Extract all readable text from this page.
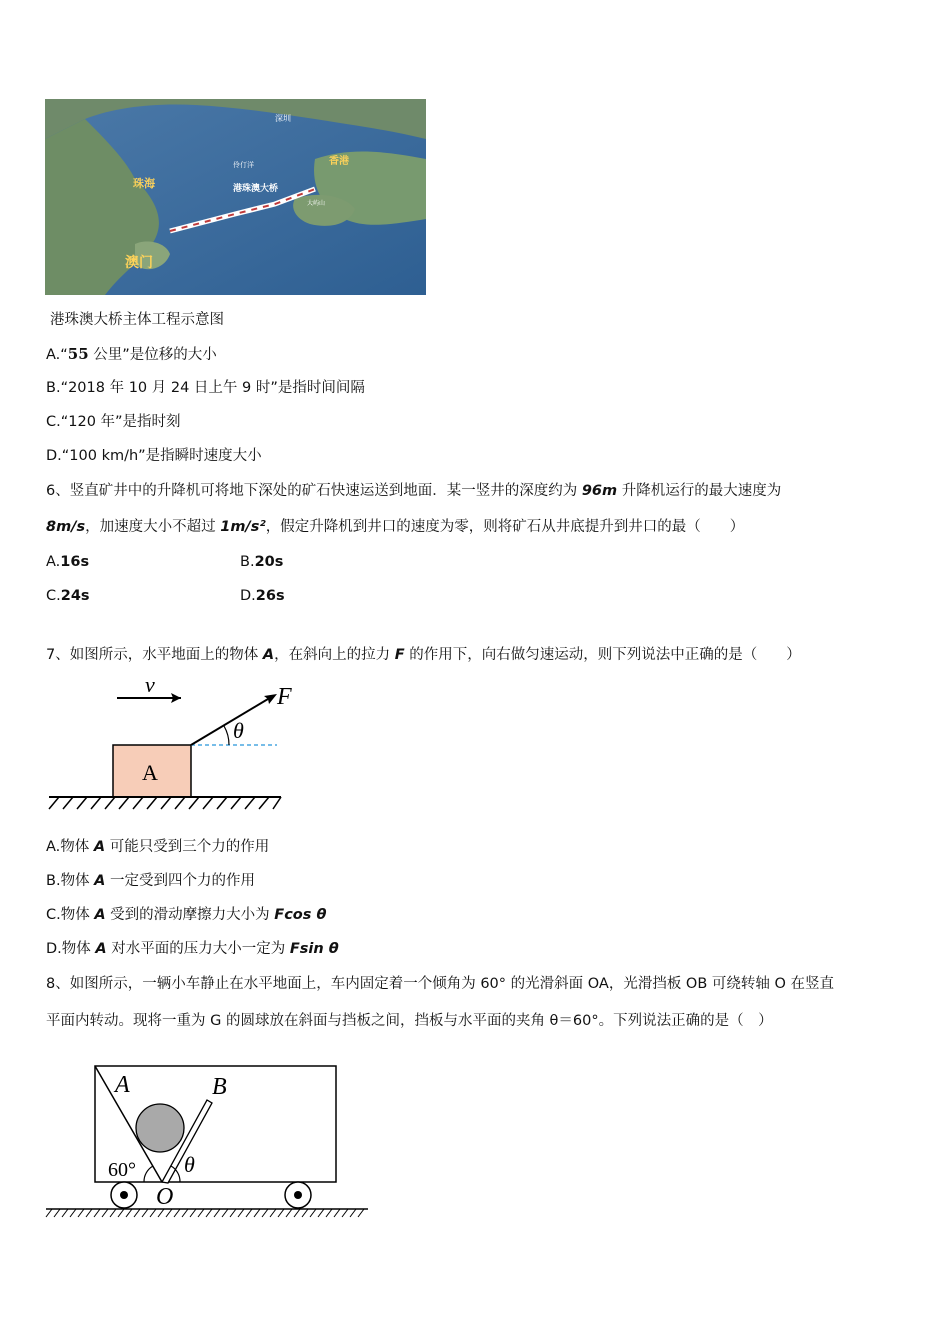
深圳
伶仃洋	香港
珠海	港珠澳大桥
大屿山
澳门
港珠澳大桥主体工程示意图
A.“55 公里”是位移的大小
B.“2018 年 10 月 24 日上午 9 时”是指时间间隔
C.“120 年”是指时刻
D.“100 km/h”是指瞬时速度大小
6、竖直矿井中的升降机可将地下深处的矿石快速运送到地面．某一竖井的深度约为 96m 升降机运行的最大速度为
8m/s，加速度大小不超过 1m/s²，假定升降机到井口的速度为零，则将矿石从井底提升到井口的最（　　）
A.16s	B.20s
C.24s	D.26s
7、如图所示，水平地面上的物体 A，在斜向上的拉力 F 的作用下，向右做匀速运动，则下列说法中正确的是（　　）
v
A
F
θ
A.物体 A 可能只受到三个力的作用
B.物体 A 一定受到四个力的作用
C.物体 A 受到的滑动摩擦力大小为 Fcos θ
D.物体 A 对水平面的压力大小一定为 Fsin θ
8、如图所示，一辆小车静止在水平地面上，车内固定着一个倾角为 60° 的光滑斜面 OA，光滑挡板 OB 可绕转轴 O 在竖直
平面内转动。现将一重为 G 的圆球放在斜面与挡板之间，挡板与水平面的夹角 θ＝60°。下列说法正确的是（　）
A	B
60° θ
O
